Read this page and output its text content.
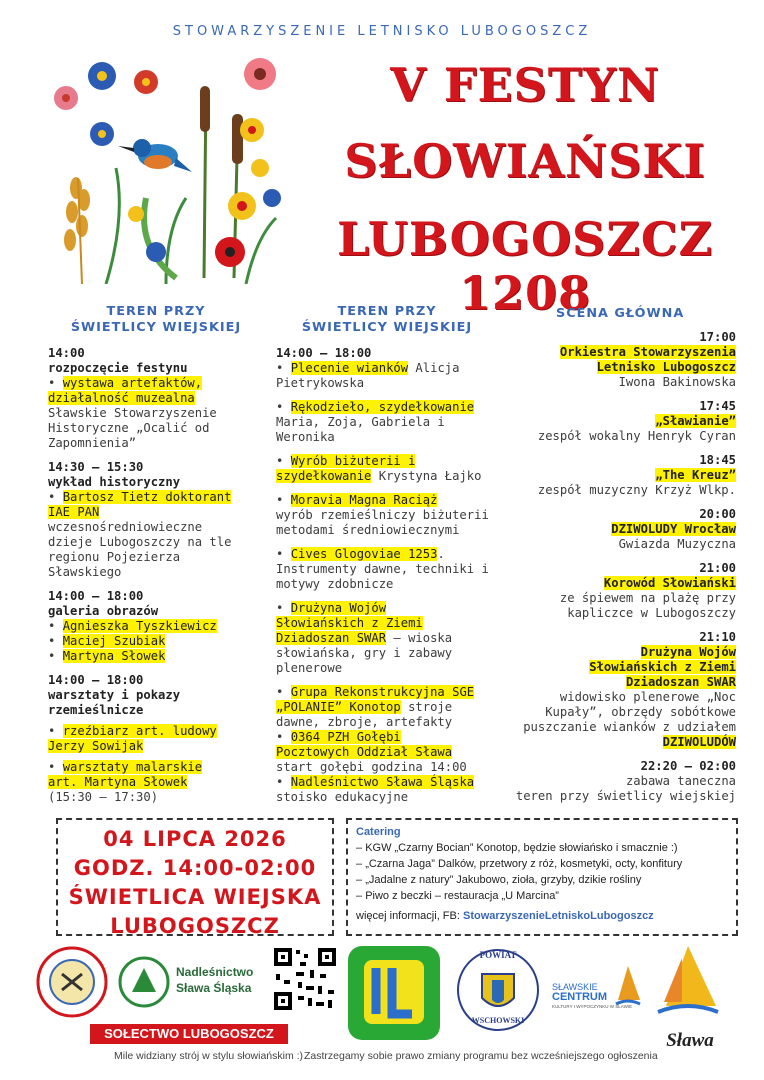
STOWARZYSZENIE LETNISKO LUBOGOSZCZ
V FESTYN
SŁOWIAŃSKI
LUBOGOSZCZ 1208
TEREN PRZY
ŚWIETLICY WIEJSKIEJ
14:00
rozpoczęcie festynu
• wystawa artefaktów,
działalność muzealna
Sławskie Stowarzyszenie
Historyczne „Ocalić od
Zapomnienia”
14:30 – 15:30
wykład historyczny
• Bartosz Tietz doktorant
IAE PAN
wczesnośredniowieczne
dzieje Lubogoszczy na tle
regionu Pojezierza
Sławskiego
14:00 – 18:00
galeria obrazów
• Agnieszka Tyszkiewicz
• Maciej Szubiak
• Martyna Słowek
14:00 – 18:00
warsztaty i pokazy
rzemieślnicze
• rzeźbiarz art. ludowy
Jerzy Sowijak
• warsztaty malarskie
art. Martyna Słowek
(15:30 – 17:30)
TEREN PRZY
ŚWIETLICY WIEJSKIEJ
14:00 – 18:00
• Plecenie wianków Alicja
Pietrykowska
• Rękodzieło, szydełkowanie
Maria, Zoja, Gabriela i
Weronika
• Wyrób biżuterii i
szydełkowanie Krystyna Łajko
• Moravia Magna Raciąż
wyrób rzemieślniczy biżuterii
metodami średniowiecznymi
• Cives Glogoviae 1253.
Instrumenty dawne, techniki i
motywy zdobnicze
• Drużyna Wojów
Słowiańskich z Ziemi
Dziadoszan SWAR – wioska
słowiańska, gry i zabawy
plenerowe
• Grupa Rekonstrukcyjna SGE
„POLANIE” Konotop stroje
dawne, zbroje, artefakty
• 0364 PZH Gołębi
Pocztowych Oddział Sława
start gołębi godzina 14:00
• Nadleśnictwo Sława Śląska
stoisko edukacyjne
SCENA GŁÓWNA
17:00
Orkiestra Stowarzyszenia
Letnisko Lubogoszcz
Iwona Bakinowska
17:45
„Sławianie”
zespół wokalny Henryk Cyran
18:45
„The Kreuz”
zespół muzyczny Krzyż Wlkp.
20:00
DZIWOLUDY Wrocław
Gwiazda Muzyczna
21:00
Korowód Słowiański
ze śpiewem na plażę przy
kapliczce w Lubogoszczy
21:10
Drużyna Wojów
Słowiańskich z Ziemi
Dziadoszan SWAR
widowisko plenerowe „Noc
Kupały”, obrzędy sobótkowe
puszczanie wianków z udziałem
DZIWOLUDÓW
22:20 – 02:00
zabawa taneczna
teren przy świetlicy wiejskiej
04 LIPCA 2026
GODZ. 14:00-02:00
ŚWIETLICA WIEJSKA
LUBOGOSZCZ
Catering
– KGW „Czarny Bocian” Konotop, będzie słowiańsko i smacznie :)
– „Czarna Jaga” Dalków, przetwory z róż, kosmetyki, octy, konfitury
– „Jadalne z natury” Jakubowo, zioła, grzyby, dzikie rośliny
– Piwo z beczki – restauracja „U Marcina”
więcej informacji, FB: StowarzyszenieLetniskoLubogoszcz
Nadleśnictwo
Sława Śląska
POWIAT
WSCHOWSKI
SŁAWSKIE
CENTRUM
KULTURY I WYPOCZYNKU W SŁAWIE
Sława
SOŁECTWO LUBOGOSZCZ
Mile widziany strój w stylu słowiańskim :) Zastrzegamy sobie prawo zmiany programu bez wcześniejszego ogłoszenia
